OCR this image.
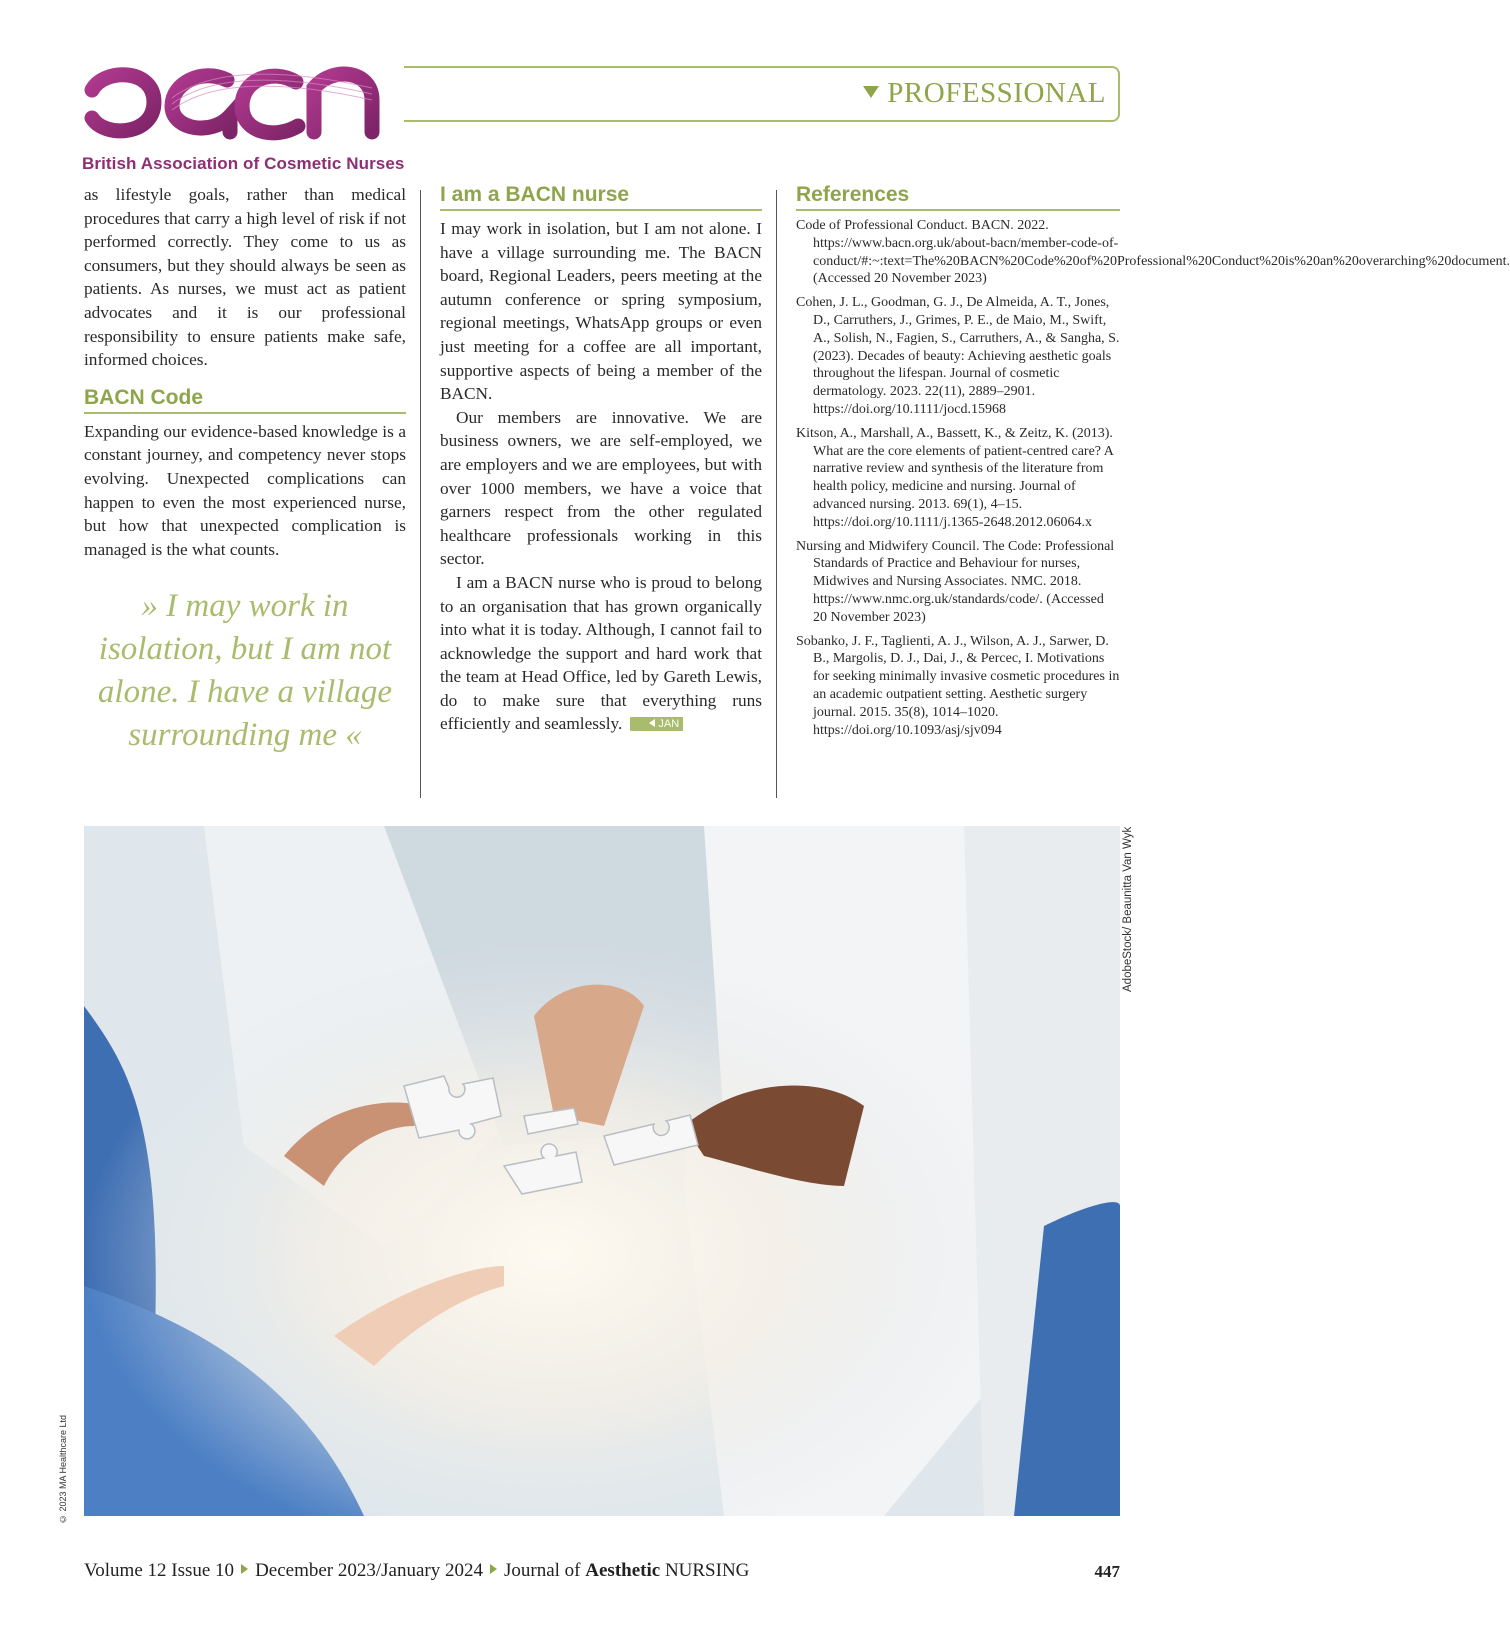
British Association of Cosmetic Nurses
PROFESSIONAL

as lifestyle goals, rather than medical procedures that carry a high level of risk if not performed correctly. They come to us as consumers, but they should always be seen as patients. As nurses, we must act as patient advocates and it is our professional responsibility to ensure patients make safe, informed choices.

BACN Code

Expanding our evidence-based knowledge is a constant journey, and competency never stops evolving. Unexpected complications can happen to even the most experienced nurse, but how that unexpected complication is managed is the what counts.

» I may work in isolation, but I am not alone. I have a village surrounding me «
I am a BACN nurse

I may work in isolation, but I am not alone. I have a village surrounding me. The BACN board, Regional Leaders, peers meeting at the autumn conference or spring symposium, regional meetings, WhatsApp groups or even just meeting for a coffee are all important, supportive aspects of being a member of the BACN.

Our members are innovative. We are business owners, we are self-employed, we are employers and we are employees, but with over 1000 members, we have a voice that garners respect from the other regulated healthcare professionals working in this sector.

I am a BACN nurse who is proud to belong to an organisation that has grown organically into what it is today. Although, I cannot fail to acknowledge the support and hard work that the team at Head Office, led by Gareth Lewis, do to make sure that everything runs efficiently and seamlessly.	JAN

References

Code of Professional Conduct. BACN. 2022. https://www.bacn.org.uk/about-bacn/member-code-of-conduct/#:~:text=The%20BACN%20Code%20of%20Professional%20Conduct%20is%20an%20overarching%20document. (Accessed 20 November 2023)

Cohen, J. L., Goodman, G. J., De Almeida, A. T., Jones, D., Carruthers, J., Grimes, P. E., de Maio, M., Swift, A., Solish, N., Fagien, S., Carruthers, A., & Sangha, S. (2023). Decades of beauty: Achieving aesthetic goals throughout the lifespan. Journal of cosmetic dermatology. 2023. 22(11), 2889–2901. https://doi.org/10.1111/jocd.15968

Kitson, A., Marshall, A., Bassett, K., & Zeitz, K. (2013). What are the core elements of patient-centred care? A narrative review and synthesis of the literature from health policy, medicine and nursing. Journal of advanced nursing. 2013. 69(1), 4–15. https://doi.org/10.1111/j.1365-2648.2012.06064.x

Nursing and Midwifery Council. The Code: Professional Standards of Practice and Behaviour for nurses, Midwives and Nursing Associates. NMC. 2018. https://www.nmc.org.uk/standards/code/. (Accessed 20 November 2023)

Sobanko, J. F., Taglienti, A. J., Wilson, A. J., Sarwer, D. B., Margolis, D. J., Dai, J., & Percec, I. Motivations for seeking minimally invasive cosmetic procedures in an academic outpatient setting. Aesthetic surgery journal. 2015. 35(8), 1014–1020. https://doi.org/10.1093/asj/sjv094

AdobeStock/ Beaunitta Van Wyk
© 2023 MA Healthcare Ltd
Volume 12 Issue 10 December 2023/January 2024 Journal of Aesthetic NURSING	447
